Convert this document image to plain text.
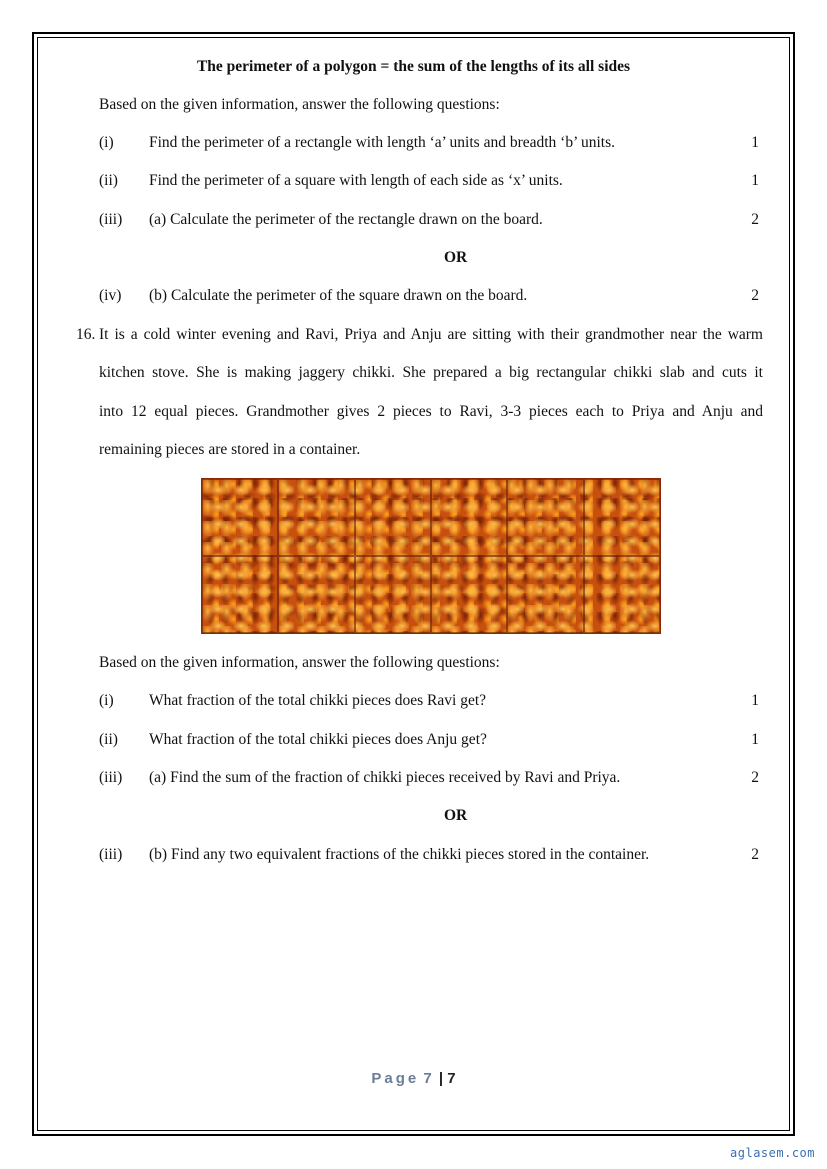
The perimeter of a polygon = the sum of the lengths of its all sides
Based on the given information, answer the following questions:
(i) Find the perimeter of a rectangle with length ‘a’ units and breadth ‘b’ units.	1
(ii) Find the perimeter of a square with length of each side as ‘x’ units.	1
(iii) (a) Calculate the perimeter of the rectangle drawn on the board.	2
OR
(iv) (b) Calculate the perimeter of the square drawn on the board.	2
16. It is a cold winter evening and Ravi, Priya and Anju are sitting with their grandmother near the warm
kitchen stove. She is making jaggery chikki. She prepared a big rectangular chikki slab and cuts it
into 12 equal pieces. Grandmother gives 2 pieces to Ravi, 3-3 pieces each to Priya and Anju and
remaining pieces are stored in a container.
Based on the given information, answer the following questions:
(i) What fraction of the total chikki pieces does Ravi get?	1
(ii) What fraction of the total chikki pieces does Anju get?	1
(iii) (a) Find the sum of the fraction of chikki pieces received by Ravi and Priya.	2
OR
(iii) (b) Find any two equivalent fractions of the chikki pieces stored in the container.	2
Page 7 | 7
aglasem.com
